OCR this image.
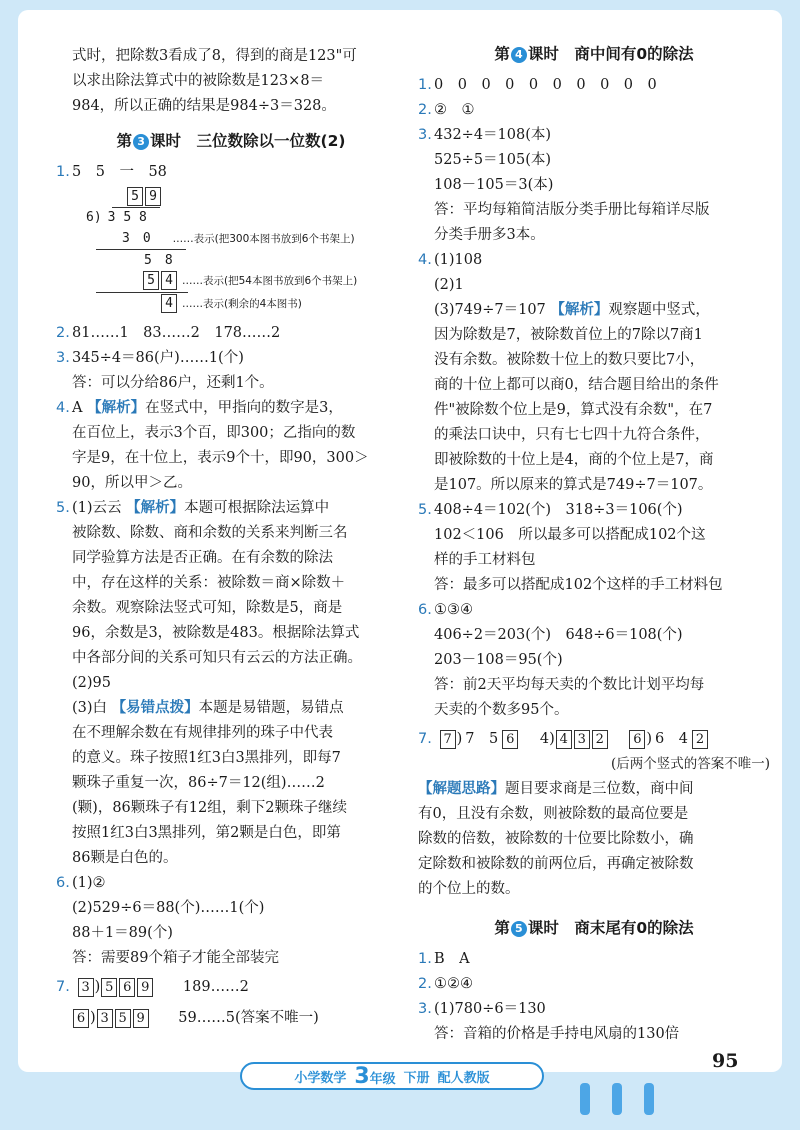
式时，把除数3看成了8，得到的商是123"可
以求出除法算式中的被除数是123×8＝
984，所以正确的结果是984÷3＝328。
第 3 课时　三位数除以一位数(2)
1. 5　5　一　58
5 9
6) 3 5 8
3　0 ……表示(把300本图书放到6个书架上)
5　8
5 4 ……表示(把54本图书放到6个书架上)
4 ……表示(剩余的4本图书)
2. 81……1　83……2　178……2
3. 345÷4＝86(户)……1(个)
答：可以分给86户，还剩1个。
4. A 【解析】在竖式中，甲指向的数字是3，
在百位上，表示3个百，即300；乙指向的数
字是9，在十位上，表示9个十，即90，300＞
90，所以甲＞乙。
5. (1)云云 【解析】本题可根据除法运算中
被除数、除数、商和余数的关系来判断三名
同学验算方法是否正确。在有余数的除法
中，存在这样的关系：被除数＝商×除数＋
余数。观察除法竖式可知，除数是5，商是
96，余数是3，被除数是483。根据除法算式
中各部分间的关系可知只有云云的方法正确。
(2)95
(3)白 【易错点拨】本题是易错题，易错点
在不理解余数在有规律排列的珠子中代表
的意义。珠子按照1红3白3黑排列，即每7
颗珠子重复一次，86÷7＝12(组)……2
(颗)，86颗珠子有12组，剩下2颗珠子继续
按照1红3白3黑排列，第2颗是白色，即第
86颗是白色的。
6. (1)②
(2)529÷6＝88(个)……1(个)
88＋1＝89(个)
答：需要89个箱子才能全部装完
7. 3 ) 5 6 9 189……2
6 ) 3 5 9 59……5(答案不唯一)
第 4 课时　商中间有0的除法
1. 0　0　0　0　0　0　0　0　0　0
2. ②　①
3. 432÷4＝108(本)
525÷5＝105(本)
108－105＝3(本)
答：平均每箱简洁版分类手册比每箱详尽版
分类手册多3本。
4. (1)108
(2)1
(3)749÷7＝107 【解析】观察题中竖式，
因为除数是7，被除数首位上的7除以7商1
没有余数。被除数十位上的数只要比7小，
商的十位上都可以商0，结合题目给出的条件
件"被除数个位上是9，算式没有余数"，在7
的乘法口诀中，只有七七四十九符合条件，
即被除数的十位上是4，商的个位上是7，商
是107。所以原来的算式是749÷7＝107。
5. 408÷4＝102(个)　318÷3＝106(个)
102＜106　所以最多可以搭配成102个这
样的手工材料包
答：最多可以搭配成102个这样的手工材料包
6. ①③④
406÷2＝203(个)　648÷6＝108(个)
203－108＝95(个)
答：前2天平均每天卖的个数比计划平均每
天卖的个数多95个。
7. 7 ) 7　5 6 4) 4 3 2 6 ) 6　4 2
(后两个竖式的答案不唯一)
【解题思路】题目要求商是三位数，商中间
有0，且没有余数，则被除数的最高位要是
除数的倍数，被除数的十位要比除数小，确
定除数和被除数的前两位后，再确定被除数
的个位上的数。
第 5 课时　商末尾有0的除法
1. B　A
2. ①②④
3. (1)780÷6＝130
答：音箱的价格是手持电风扇的130倍
小学数学 3年级 下册 配人教版
95
